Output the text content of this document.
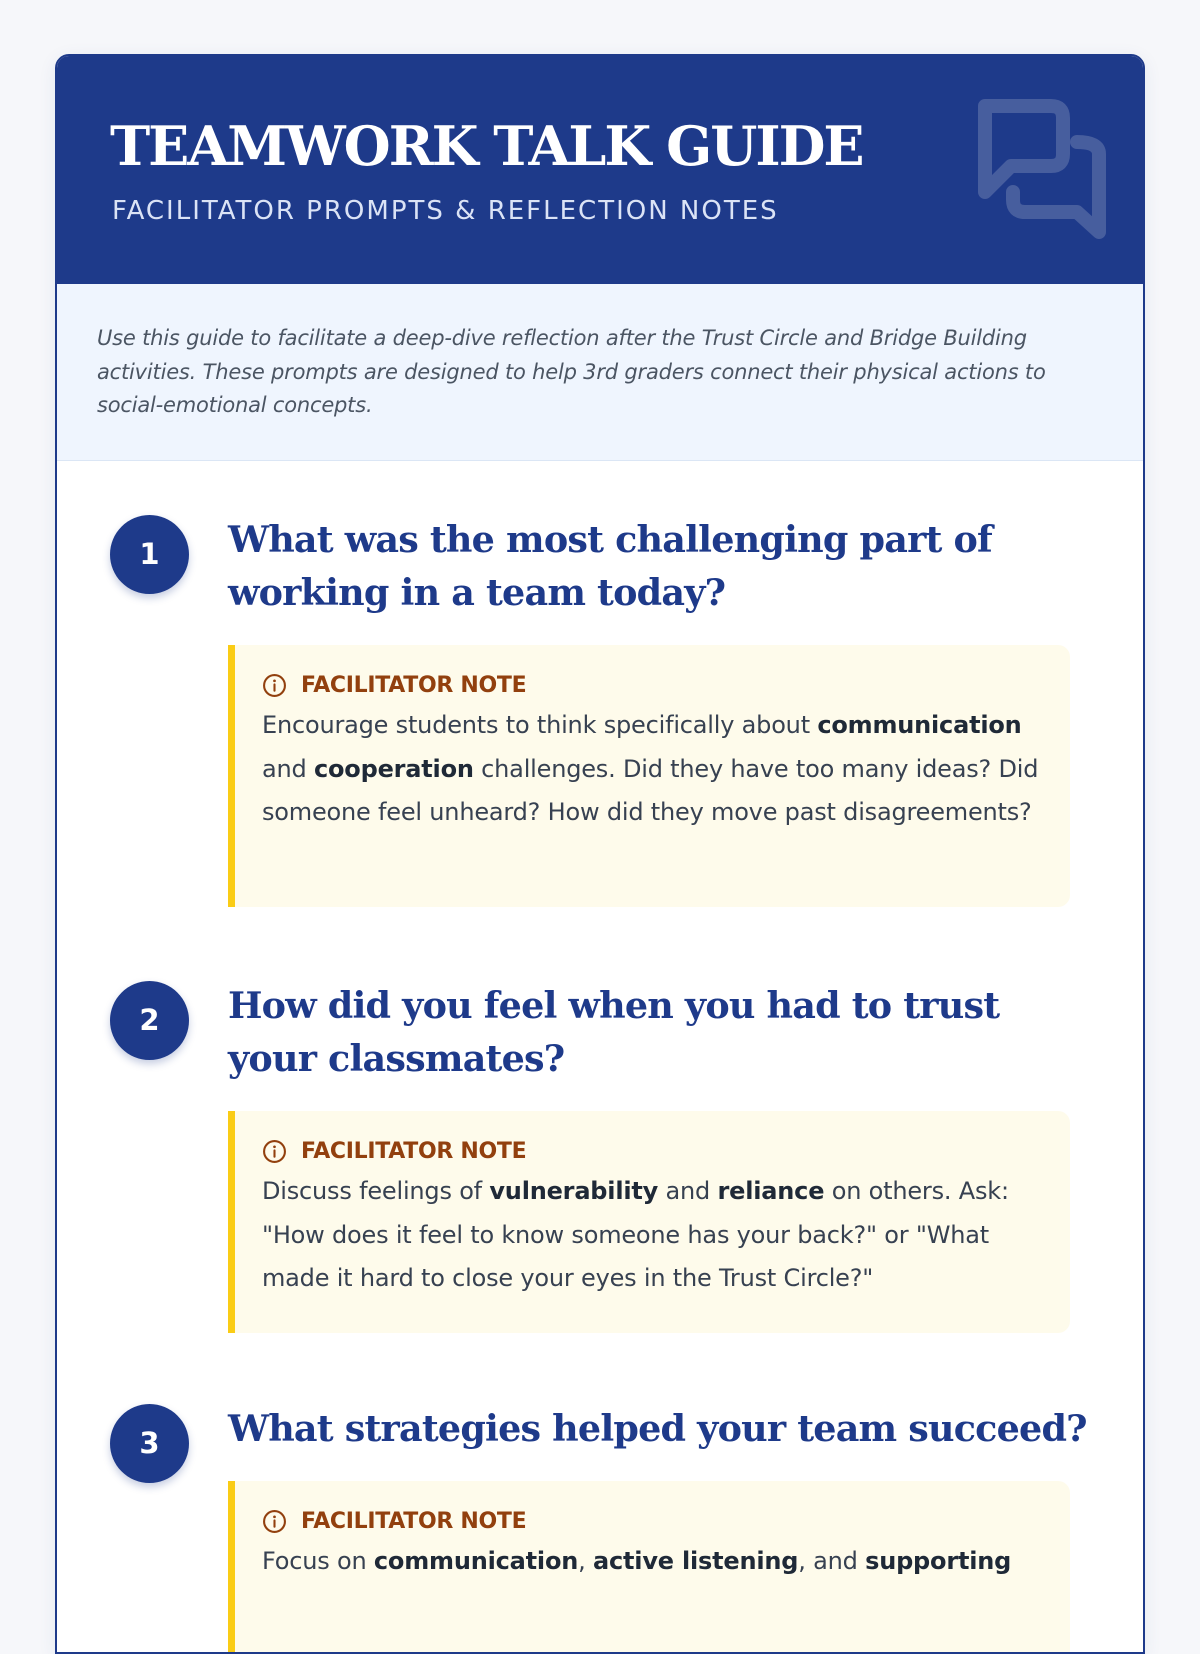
TEAMWORK TALK GUIDE

FACILITATOR PROMPTS & REFLECTION NOTES

Use this guide to facilitate a deep-dive reflection after the Trust Circle and Bridge Building activities. These prompts are designed to help 3rd graders connect their physical actions to social-emotional concepts.

1	What was the most challenging part of working in a team today?
FACILITATOR NOTE

Encourage students to think specifically about communication and cooperation challenges. Did they have too many ideas? Did someone feel unheard? How did they move past disagreements?

2	How did you feel when you had to trust your classmates?
FACILITATOR NOTE

Discuss feelings of vulnerability and reliance on others. Ask: "How does it feel to know someone has your back?" or "What made it hard to close your eyes in the Trust Circle?"

3	What strategies helped your team succeed?
FACILITATOR NOTE

Focus on communication, active listening, and supporting
